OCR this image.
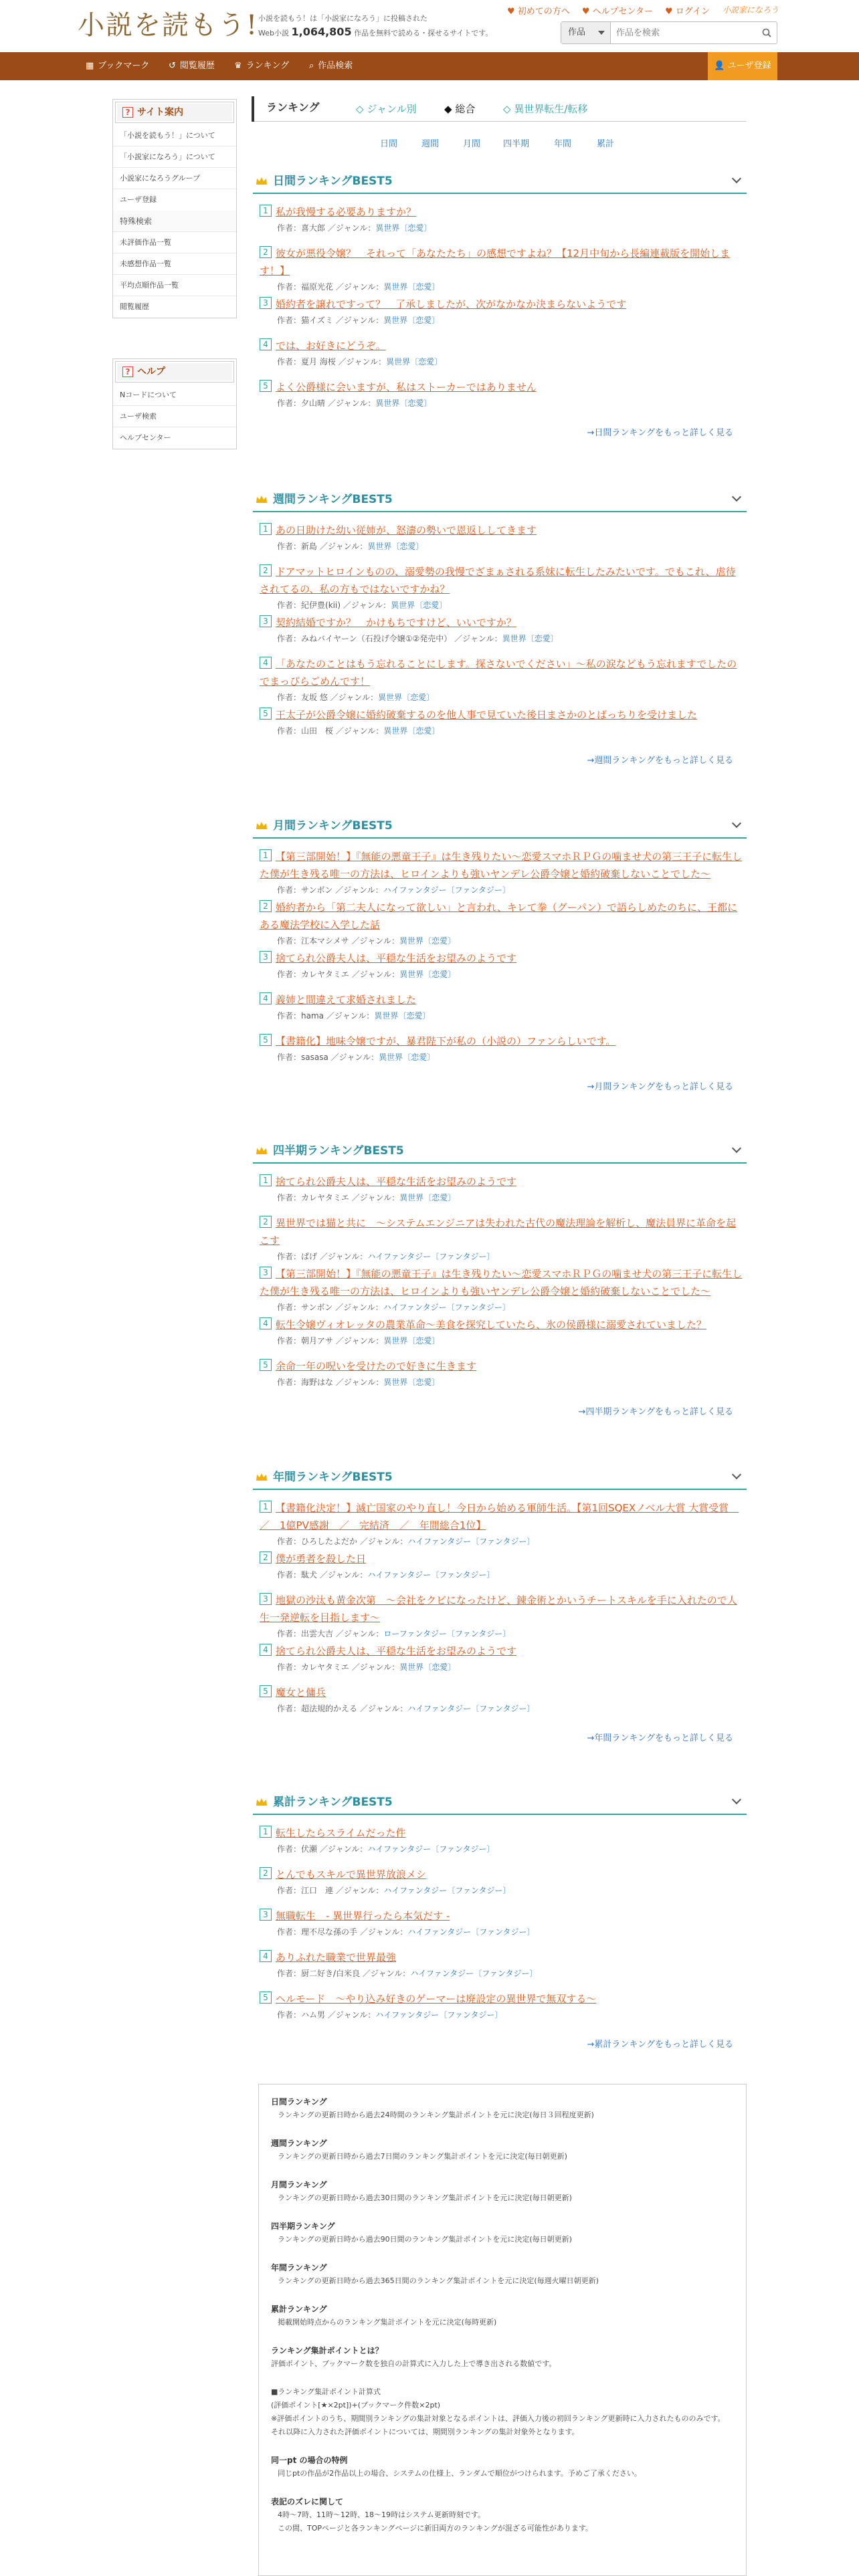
小説を読もう! 小説を読もう！は「小説家になろう」に投稿された
Web小説 1,064,805 作品を無料で読める・探せるサイトです。
♥ 初めての方へ ♥ ヘルプセンター ♥ ログイン 小説家になろう
作品
作品を検索
▦ ブックマーク ↺ 閲覧履歴 ♛ ランキング ⌕ 作品検索	👤 ユーザ登録
? サイト案内
「小説を読もう！」について
「小説家になろう」について
小説家になろうグループ
ユーザ登録
特殊検索
未評価作品一覧
未感想作品一覧
平均点順作品一覧
閲覧履歴
? ヘルプ
Nコードについて
ユーザ検索
ヘルプセンター
ランキング	◇ ジャンル別	◆ 総合	◇ 異世界転生/転移
日間	週間	月間	四半期	年間	累計
日間ランキングBEST5
1 私が我慢する必要ありますか？
作者：喜大郎 ／ジャンル：異世界〔恋愛〕
2 彼女が悪役令嬢？　それって「あなたたち」の感想ですよね？【12月中旬から長編連載版を開始します！】
作者：福原光花 ／ジャンル：異世界〔恋愛〕
3 婚約者を譲れですって？　了承しましたが、次がなかなか決まらないようです
作者：猫イズミ ／ジャンル：異世界〔恋愛〕
4 では、お好きにどうぞ。
作者：夏月 海桜 ／ジャンル：異世界〔恋愛〕
5 よく公爵様に会いますが、私はストーカーではありません
作者：夕山晴 ／ジャンル：異世界〔恋愛〕
→日間ランキングをもっと詳しく見る
週間ランキングBEST5
1 あの日助けた幼い従姉が、怒濤の勢いで恩返ししてきます
作者：新島 ／ジャンル：異世界〔恋愛〕
2 ドアマットヒロインものの、溺愛勢の我慢でざまぁされる系妹に転生したみたいです。でもこれ、虐待されてるの、私の方もではないですかね？
作者：紀伊豊(kii) ／ジャンル：異世界〔恋愛〕
3 契約結婚ですか？　かけもちですけど、いいですか？
作者：みねバイヤーン（石投げ令嬢①②発売中） ／ジャンル：異世界〔恋愛〕
4 「あなたのことはもう忘れることにします。探さないでください」～私の涙などもう忘れますでしたのでまっぴらごめんです！
作者：友坂 悠 ／ジャンル：異世界〔恋愛〕
5 王太子が公爵令嬢に婚約破棄するのを他人事で見ていた後日まさかのとばっちりを受けました
作者：山田　桜 ／ジャンル：異世界〔恋愛〕
→週間ランキングをもっと詳しく見る
月間ランキングBEST5
1 【第三部開始！】『無能の悪童王子』は生き残りたい～恋愛スマホＲＰＧの噛ませ犬の第三王子に転生した僕が生き残る唯一の方法は、ヒロインよりも強いヤンデレ公爵令嬢と婚約破棄しないことでした～
作者：サンボン ／ジャンル：ハイファンタジー〔ファンタジー〕
2 婚約者から「第二夫人になって欲しい」と言われ、キレて拳（グーパン）で語らしめたのちに、王都にある魔法学校に入学した話
作者：江本マシメサ ／ジャンル：異世界〔恋愛〕
3 捨てられ公爵夫人は、平穏な生活をお望みのようです
作者：カレヤタミエ ／ジャンル：異世界〔恋愛〕
4 義姉と間違えて求婚されました
作者：hama ／ジャンル：異世界〔恋愛〕
5 【書籍化】地味令嬢ですが、暴君陛下が私の（小説の）ファンらしいです。
作者：sasasa ／ジャンル：異世界〔恋愛〕
→月間ランキングをもっと詳しく見る
四半期ランキングBEST5
1 捨てられ公爵夫人は、平穏な生活をお望みのようです
作者：カレヤタミエ ／ジャンル：異世界〔恋愛〕
2 異世界では猫と共に　～システムエンジニアは失われた古代の魔法理論を解析し、魔法員界に革命を起こす
作者：ぱげ ／ジャンル：ハイファンタジー〔ファンタジー〕
3 【第三部開始！】『無能の悪童王子』は生き残りたい～恋愛スマホＲＰＧの噛ませ犬の第三王子に転生した僕が生き残る唯一の方法は、ヒロインよりも強いヤンデレ公爵令嬢と婚約破棄しないことでした～
作者：サンボン ／ジャンル：ハイファンタジー〔ファンタジー〕
4 転生令嬢ヴィオレッタの農業革命～美食を探究していたら、氷の侯爵様に溺愛されていました？
作者：朝月アサ ／ジャンル：異世界〔恋愛〕
5 余命一年の呪いを受けたので好きに生きます
作者：海野はな ／ジャンル：異世界〔恋愛〕
→四半期ランキングをもっと詳しく見る
年間ランキングBEST5
1 【書籍化決定！】滅亡国家のやり直し！今日から始める軍師生活。【第1回SQEXノベル大賞 大賞受賞　／　1億PV感謝　／　完結済　／　年間総合1位】
作者：ひろしたよだか ／ジャンル：ハイファンタジー〔ファンタジー〕
2 僕が勇者を殺した日
作者：駄犬 ／ジャンル：ハイファンタジー〔ファンタジー〕
3 地獄の沙汰も黄金次第　～会社をクビになったけど、錬金術とかいうチートスキルを手に入れたので人生一発逆転を目指します～
作者：出雲大吉 ／ジャンル：ローファンタジー〔ファンタジー〕
4 捨てられ公爵夫人は、平穏な生活をお望みのようです
作者：カレヤタミエ ／ジャンル：異世界〔恋愛〕
5 魔女と傭兵
作者：超法規的かえる ／ジャンル：ハイファンタジー〔ファンタジー〕
→年間ランキングをもっと詳しく見る
累計ランキングBEST5
1 転生したらスライムだった件
作者：伏瀬 ／ジャンル：ハイファンタジー〔ファンタジー〕
2 とんでもスキルで異世界放浪メシ
作者：江口　連 ／ジャンル：ハイファンタジー〔ファンタジー〕
3 無職転生　- 異世界行ったら本気だす -
作者：理不尽な孫の手 ／ジャンル：ハイファンタジー〔ファンタジー〕
4 ありふれた職業で世界最強
作者：厨二好き/白米良 ／ジャンル：ハイファンタジー〔ファンタジー〕
5 ヘルモード　～やり込み好きのゲーマーは廃設定の異世界で無双する～
作者：ハム男 ／ジャンル：ハイファンタジー〔ファンタジー〕
→累計ランキングをもっと詳しく見る
日間ランキング
ランキングの更新日時から過去24時間のランキング集計ポイントを元に決定(毎日３回程度更新)
週間ランキング
ランキングの更新日時から過去7日間のランキング集計ポイントを元に決定(毎日朝更新)
月間ランキング
ランキングの更新日時から過去30日間のランキング集計ポイントを元に決定(毎日朝更新)
四半期ランキング
ランキングの更新日時から過去90日間のランキング集計ポイントを元に決定(毎日朝更新)
年間ランキング
ランキングの更新日時から過去365日間のランキング集計ポイントを元に決定(毎週火曜日朝更新)
累計ランキング
掲載開始時点からのランキング集計ポイントを元に決定(毎時更新)
ランキング集計ポイントとは？
評価ポイント、ブックマーク数を独自の計算式に入力した上で導き出される数値です。
■ランキング集計ポイント計算式
(評価ポイント[★×2pt])+(ブックマーク件数×2pt)
※評価ポイントのうち、期間別ランキングの集計対象となるポイントは、評価入力後の初回ランキング更新時に入力されたもののみです。
それ以降に入力された評価ポイントについては、期間別ランキングの集計対象外となります。
同一pt の場合の特例
同じptの作品が2作品以上の場合、システムの仕様上、ランダムで順位がつけられます。予めご了承ください。
表記のズレに関して
4時〜7時、11時〜12時、18〜19時はシステム更新時刻です。
この間、TOPページと各ランキングページに新旧両方のランキングが混ざる可能性があります。
